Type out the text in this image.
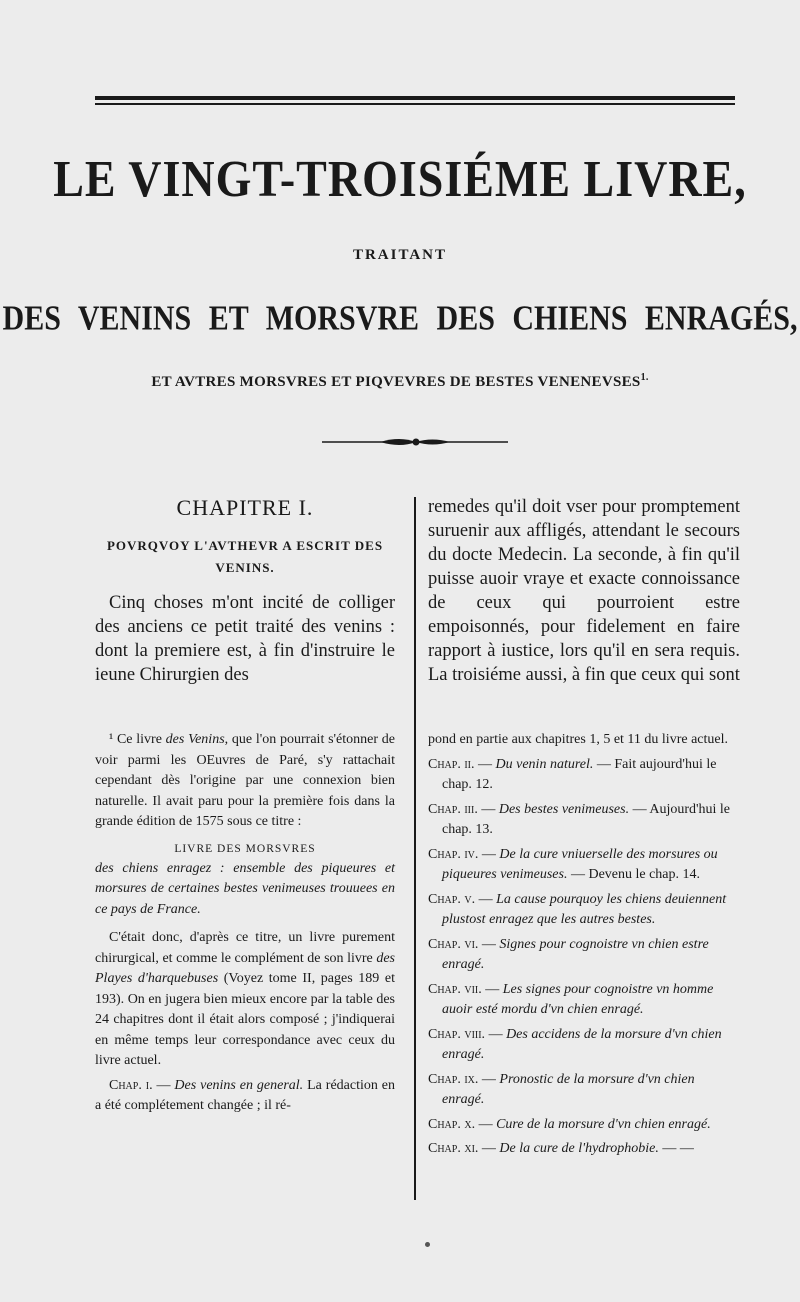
LE VINGT-TROISIÉME LIVRE,
TRAITANT
DES VENINS ET MORSVRE DES CHIENS ENRAGÉS,
ET AVTRES MORSVRES ET PIQVEVRES DE BESTES $VENENEVSES^{1.}$
CHAPITRE I.
POVRQVOY L'AVTHEVR A ESCRIT DES VENINS.

Cinq choses m'ont incité de colliger des anciens ce petit traité des venins : dont la premiere est, à fin d'instruire le ieune Chirurgien des

remedes qu'il doit vser pour promptement suruenir aux affligés, attendant le secours du docte Medecin. La seconde, à fin qu'il puisse auoir vraye et exacte connoissance de ceux qui pourroient estre empoisonnés, pour fidelement en faire rapport à iustice, lors qu'il en sera requis. La troisiéme aussi, à fin que ceux qui sont

¹ Ce livre des Venins, que l'on pourrait s'étonner de voir parmi les OEuvres de Paré, s'y rattachait cependant dès l'origine par une connexion bien naturelle. Il avait paru pour la première fois dans la grande édition de 1575 sous ce titre :

LIVRE DES MORSVRES

des chiens enragez : ensemble des piqueures et morsures de certaines bestes venimeuses trouuees en ce pays de France.

C'était donc, d'après ce titre, un livre purement chirurgical, et comme le complément de son livre des Playes d'harquebuses (Voyez tome II, pages 189 et 193). On en jugera bien mieux encore par la table des 24 chapitres dont il était alors composé ; j'indiquerai en même temps leur correspondance avec ceux du livre actuel.

Chap. i. — Des venins en general. La rédaction en a été complétement changée ; il ré-

pond en partie aux chapitres 1, 5 et 11 du livre actuel.

Chap. ii. — Du venin naturel. — Fait aujourd'hui le chap. 12.

Chap. iii. — Des bestes venimeuses. — Aujourd'hui le chap. 13.

Chap. iv. — De la cure vniuerselle des morsures ou piqueures venimeuses. — Devenu le chap. 14.

Chap. v. — La cause pourquoy les chiens deuiennent plustost enragez que les autres bestes.

Chap. vi. — Signes pour cognoistre vn chien estre enragé.

Chap. vii. — Les signes pour cognoistre vn homme auoir esté mordu d'vn chien enragé.

Chap. viii. — Des accidens de la morsure d'vn chien enragé.

Chap. ix. — Pronostic de la morsure d'vn chien enragé.

Chap. x. — Cure de la morsure d'vn chien enragé.

Chap. xi. — De la cure de l'hydrophobie. — —
